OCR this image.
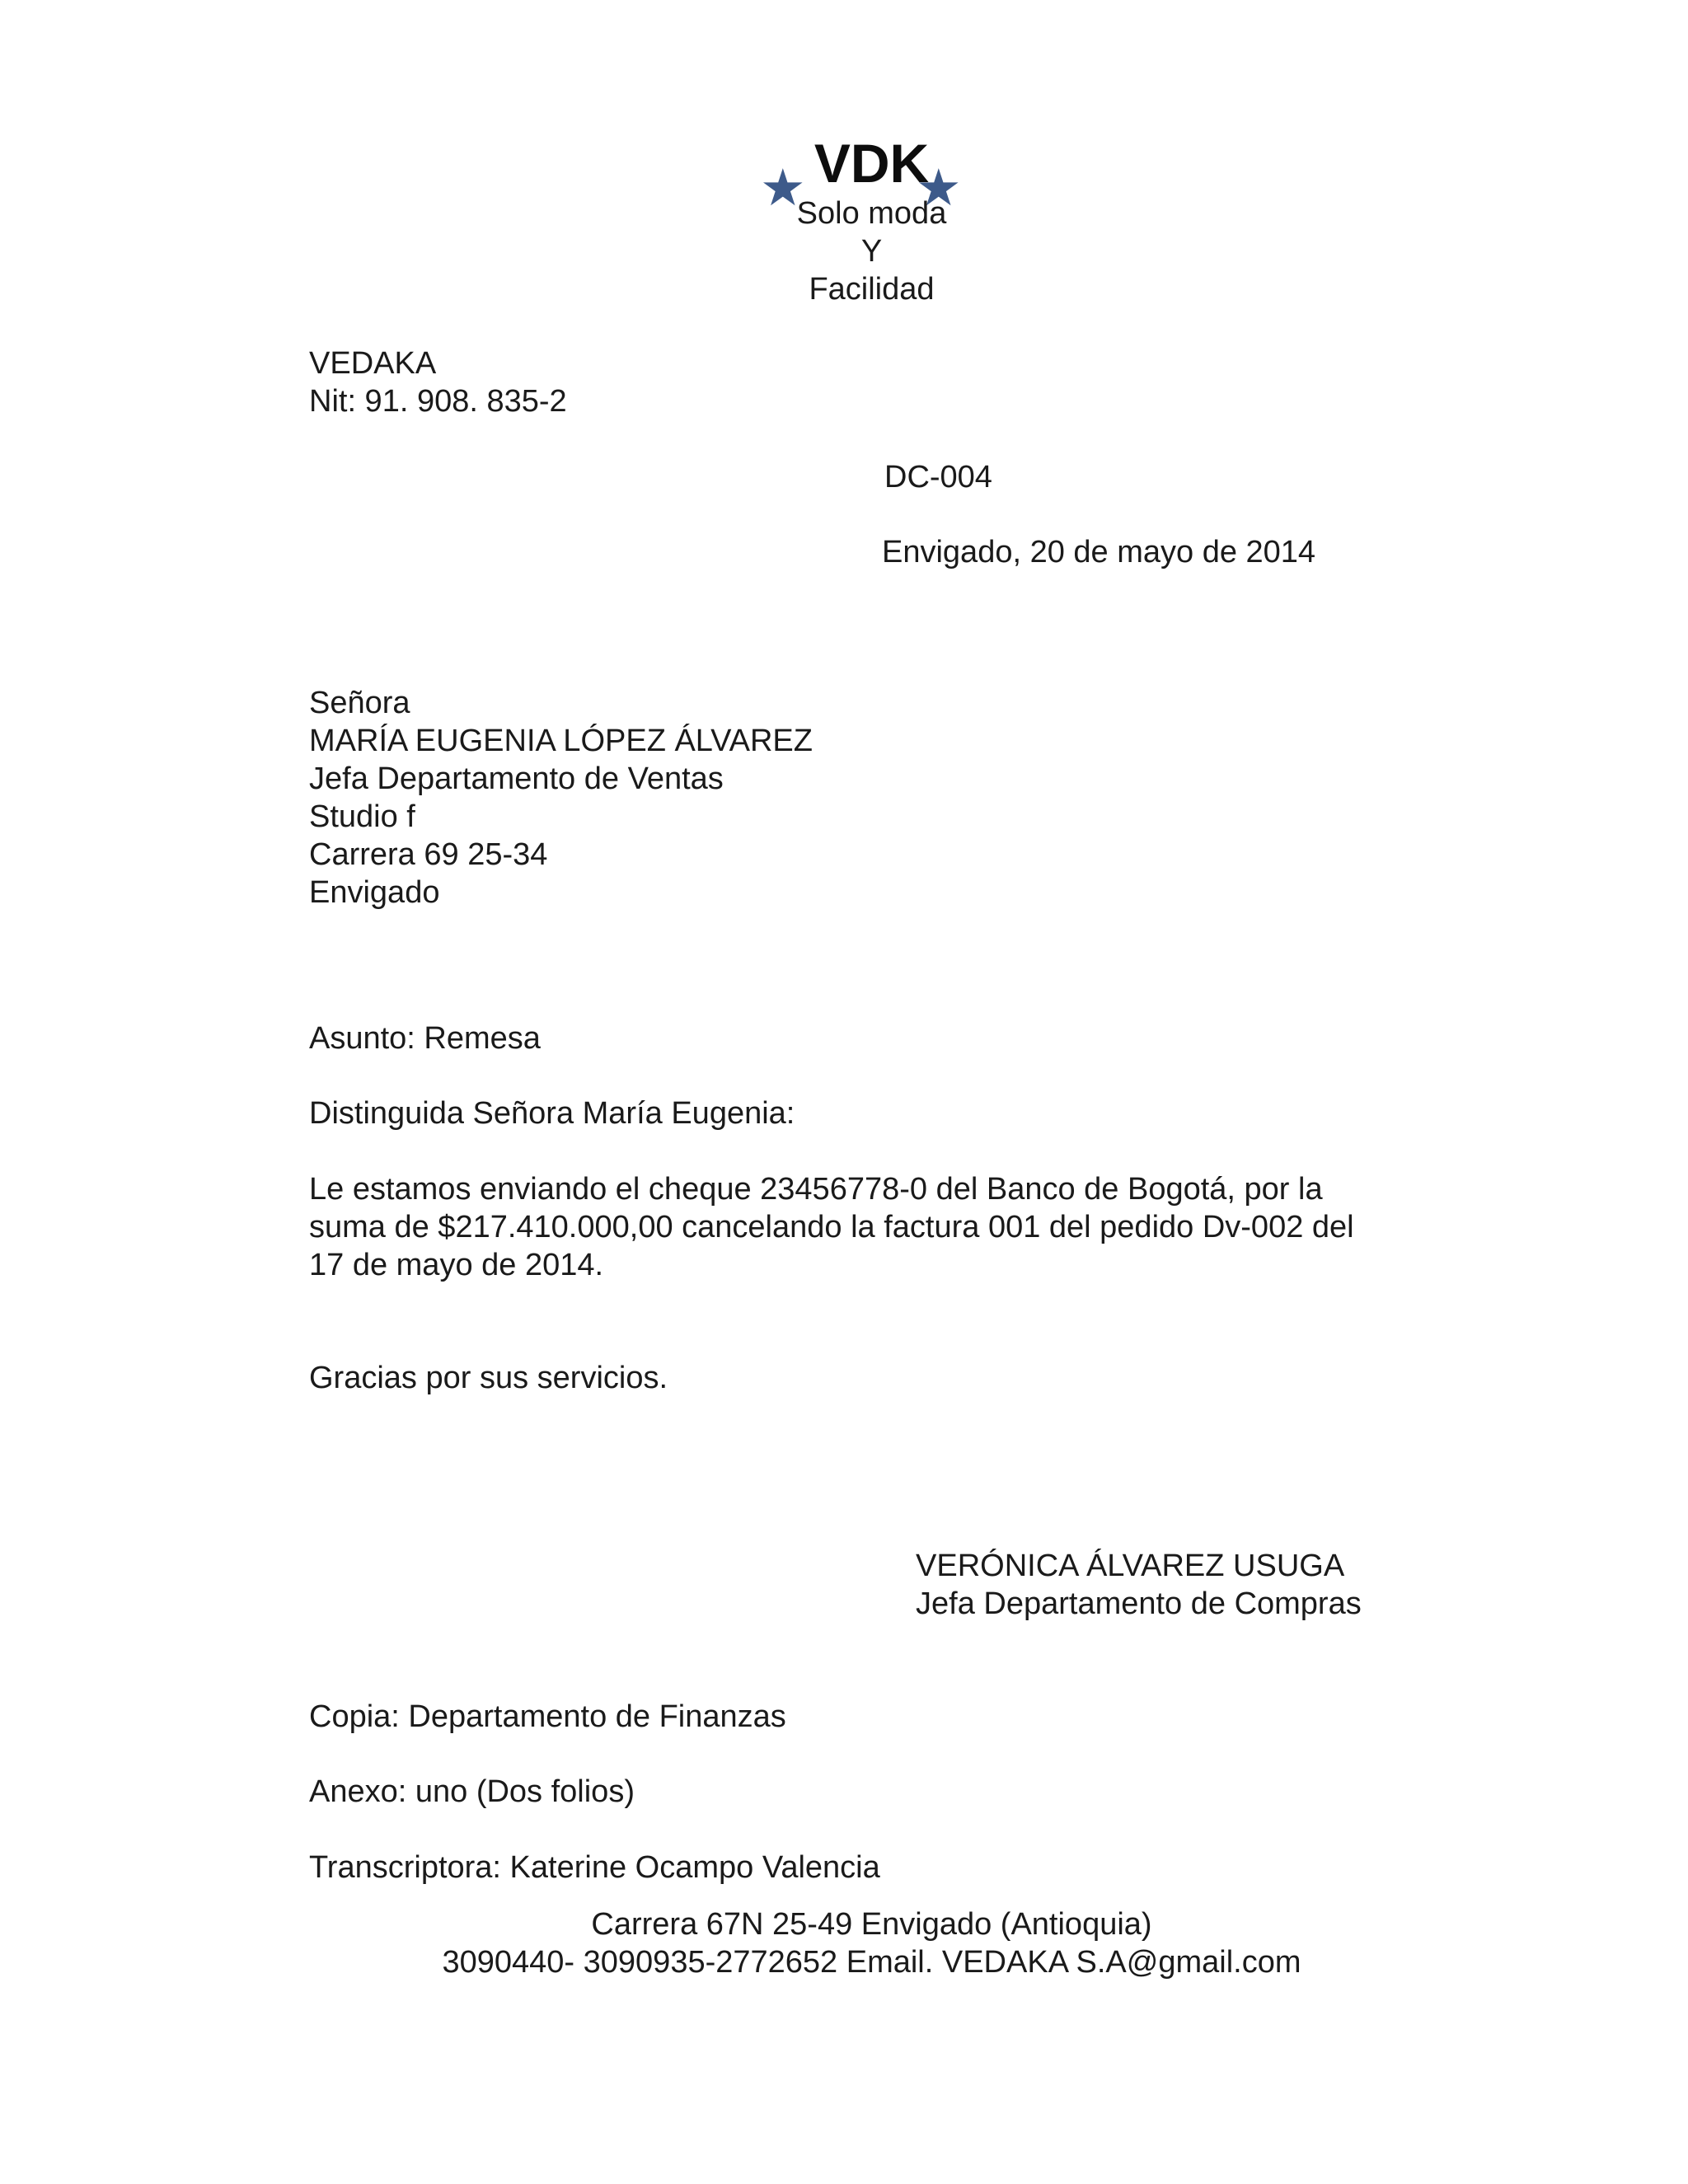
VDK
★ ★
Solo moda
Y
Facilidad
VEDAKA
Nit: 91. 908. 835-2
DC-004
Envigado, 20 de mayo de 2014
Señora
MARÍA EUGENIA LÓPEZ ÁLVAREZ
Jefa Departamento de Ventas
Studio f
Carrera 69 25-34
Envigado
Asunto: Remesa
Distinguida Señora María Eugenia:
Le estamos enviando el cheque 23456778-0 del Banco de Bogotá, por la
suma de $217.410.000,00 cancelando la factura 001 del pedido Dv-002 del
17 de mayo de 2014.
Gracias por sus servicios.
VERÓNICA ÁLVAREZ USUGA
Jefa Departamento de Compras
Copia: Departamento de Finanzas
Anexo: uno (Dos folios)
Transcriptora: Katerine Ocampo Valencia
Carrera 67N 25-49 Envigado (Antioquia)
3090440- 3090935-2772652 Email. VEDAKA S.A@gmail.com
